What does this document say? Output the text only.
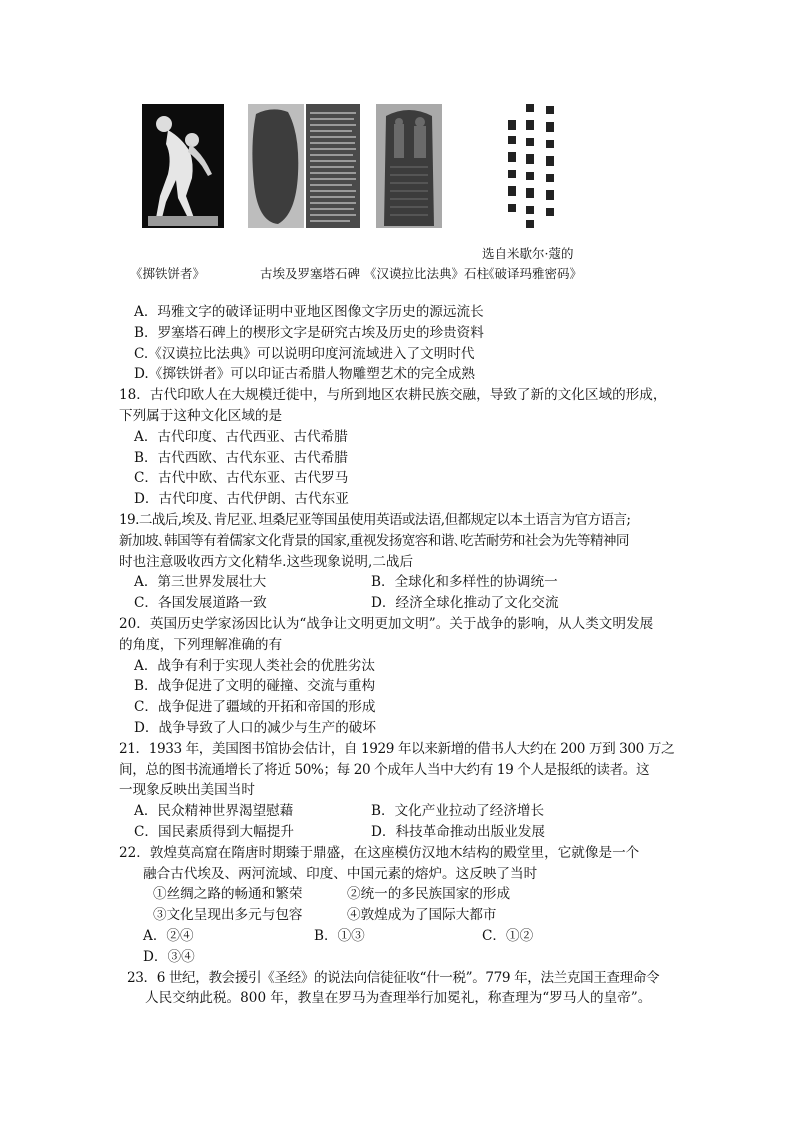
《掷铁饼者》	古埃及罗塞塔石碑 《汉谟拉比法典》石柱
选自米歇尔·蔻的
《破译玛雅密码》
A．玛雅文字的破译证明中亚地区图像文字历史的源远流长
B．罗塞塔石碑上的楔形文字是研究古埃及历史的珍贵资料
C.《汉谟拉比法典》可以说明印度河流域进入了文明时代
D.《掷铁饼者》可以印证古希腊人物雕塑艺术的完全成熟
18．古代印欧人在大规模迁徙中，与所到地区农耕民族交融，导致了新的文化区域的形成，
下列属于这种文化区域的是
A．古代印度、古代西亚、古代希腊
B．古代西欧、古代东亚、古代希腊
C．古代中欧、古代东亚、古代罗马
D．古代印度、古代伊朗、古代东亚
19.二战后,埃及､肯尼亚､坦桑尼亚等国虽使用英语或法语,但都规定以本土语言为官方语言;
新加坡､韩国等有着儒家文化背景的国家,重视发扬宽容和谐､吃苦耐劳和社会为先等精神同
时也注意吸收西方文化精华.这些现象说明,二战后
A．第三世界发展壮大	B．全球化和多样性的协调统一
C．各国发展道路一致	D．经济全球化推动了文化交流
20．英国历史学家汤因比认为“战争让文明更加文明”。关于战争的影响，从人类文明发展
的角度，下列理解准确的有
A．战争有利于实现人类社会的优胜劣汰
B．战争促进了文明的碰撞、交流与重构
C．战争促进了疆域的开拓和帝国的形成
D．战争导致了人口的减少与生产的破坏
21．1933 年，美国图书馆协会估计，自 1929 年以来新增的借书人大约在 200 万到 300 万之
间，总的图书流通增长了将近 50%；每 20 个成年人当中大约有 19 个人是报纸的读者。这
一现象反映出美国当时
A．民众精神世界渴望慰藉	B．文化产业拉动了经济增长
C．国民素质得到大幅提升	D．科技革命推动出版业发展
22．敦煌莫高窟在隋唐时期臻于鼎盛，在这座模仿汉地木结构的殿堂里，它就像是一个
融合古代埃及、两河流域、印度、中国元素的熔炉。这反映了当时
①丝绸之路的畅通和繁荣	②统一的多民族国家的形成
③文化呈现出多元与包容	④敦煌成为了国际大都市
A．②④	B．①③	C．①②
D．③④
23．6 世纪，教会援引《圣经》的说法向信徒征收“什一税”。779 年，法兰克国王查理命令
人民交纳此税。800 年，教皇在罗马为查理举行加冕礼，称查理为“罗马人的皇帝”。
